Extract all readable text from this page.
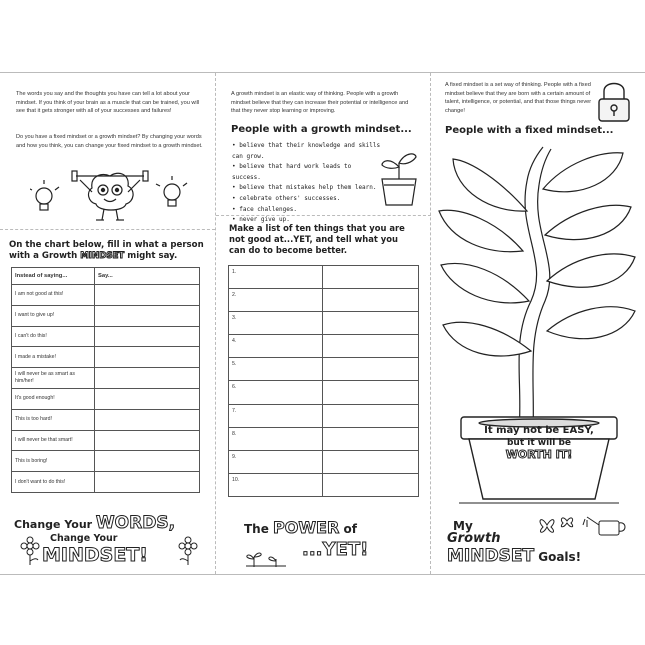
The words you say and the thoughts you have can tell a lot about your mindset. If you think of your brain as a muscle that can be trained, you will see that it gets stronger with all of your successes and failures!

Do you have a fixed mindset or a growth mindset? By changing your words and how you think, you can change your fixed mindset to a growth mindset.

On the chart below, fill in what a person
with a Growth MINDSET might say.
Instead of saying...	Say...
I am not good at this!	
I want to give up!	
I can't do this!	
I made a mistake!	
I will never be as smart as him/her!	
It's good enough!	
This is too hard!	
I will never be that smart!	
This is boring!	
I don't want to do this!	
Change Your WORDS,
Change Your
MINDSET!

A growth mindset is an elastic way of thinking. People with a growth mindset believe that they can increase their potential or intelligence and that they never stop learning or improving.

People with a growth mindset...
• believe that their knowledge and skills can grow.
• believe that hard work leads to success.
• believe that mistakes help them learn.
• celebrate others' successes.
• face challenges.
• never give up.
Make a list of ten things that you are
not good at...YET, and tell what you
can do to become better.
1.	
2.	
3.	
4.	
5.	
6.	
7.	
8.	
9.	
10.	
The POWER of
...YET!

A fixed mindset is a set way of thinking. People with a fixed mindset believe that they are born with a certain amount of talent, intelligence, or potential, and that those things never change!

People with a fixed mindset...
It may not be EASY,
but it will be
WORTH IT!
My
Growth
MINDSET Goals!
